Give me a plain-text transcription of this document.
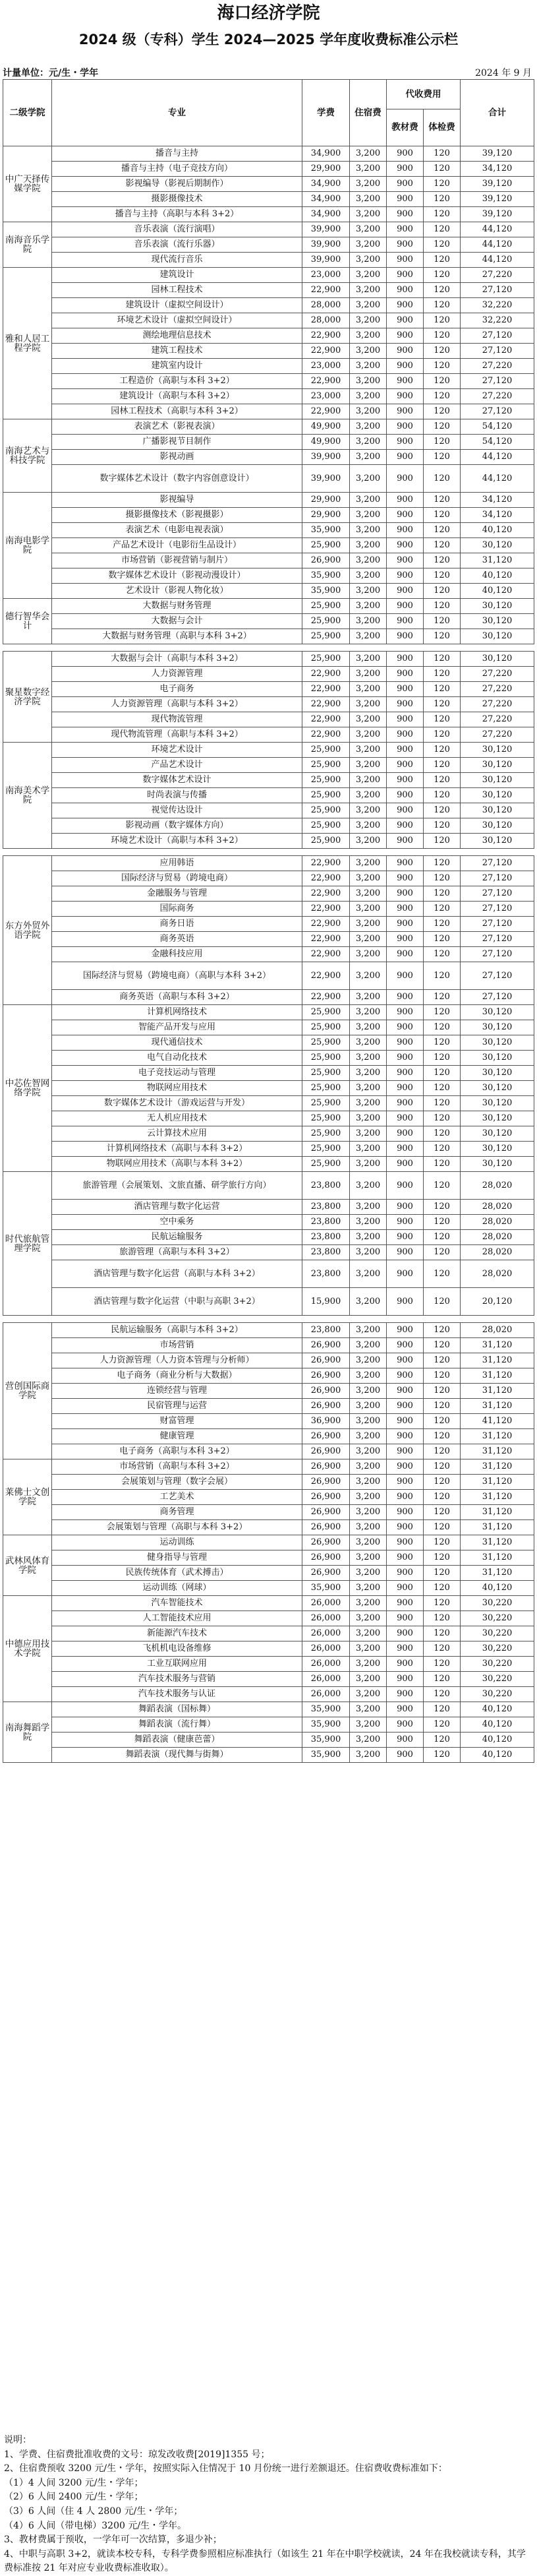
海口经济学院
2024 级（专科）学生 2024—2025 学年度收费标准公示栏
计量单位：元/生・学年	2024 年 9 月
二级学院	专业	学费	住宿费	代收费用		合计
				教材费	体检费	
中广天择传媒学院	播音与主持	34,900	3,200	900	120	39,120
	播音与主持（电子竞技方向）	29,900	3,200	900	120	34,120
	影视编导（影视后期制作）	34,900	3,200	900	120	39,120
	摄影摄像技术	34,900	3,200	900	120	39,120
	播音与主持（高职与本科 3+2）	34,900	3,200	900	120	39,120
南海音乐学院	音乐表演（流行演唱）	39,900	3,200	900	120	44,120
	音乐表演（流行乐器）	39,900	3,200	900	120	44,120
	现代流行音乐	39,900	3,200	900	120	44,120
雅和人居工程学院	建筑设计	23,000	3,200	900	120	27,220
	园林工程技术	22,900	3,200	900	120	27,120
	建筑设计（虚拟空间设计）	28,000	3,200	900	120	32,220
	环境艺术设计（虚拟空间设计）	28,000	3,200	900	120	32,220
	测绘地理信息技术	22,900	3,200	900	120	27,120
	建筑工程技术	22,900	3,200	900	120	27,120
	建筑室内设计	23,000	3,200	900	120	27,220
	工程造价（高职与本科 3+2）	22,900	3,200	900	120	27,120
	建筑设计（高职与本科 3+2）	23,000	3,200	900	120	27,220
	园林工程技术（高职与本科 3+2）	22,900	3,200	900	120	27,120
南海艺术与科技学院	表演艺术（影视表演）	49,900	3,200	900	120	54,120
	广播影视节目制作	49,900	3,200	900	120	54,120
	影视动画	39,900	3,200	900	120	44,120
	数字媒体艺术设计（数字内容创意设计）	39,900	3,200	900	120	44,120
南海电影学院	影视编导	29,900	3,200	900	120	34,120
	摄影摄像技术（影视摄影）	29,900	3,200	900	120	34,120
	表演艺术（电影电视表演）	35,900	3,200	900	120	40,120
	产品艺术设计（电影衍生品设计）	25,900	3,200	900	120	30,120
	市场营销（影视营销与制片）	26,900	3,200	900	120	31,120
	数字媒体艺术设计（影视动漫设计）	35,900	3,200	900	120	40,120
	艺术设计（影视人物化妆）	35,900	3,200	900	120	40,120
德行智华会计	大数据与财务管理	25,900	3,200	900	120	30,120
	大数据与会计	25,900	3,200	900	120	30,120
	大数据与财务管理（高职与本科 3+2）	25,900	3,200	900	120	30,120

聚星数字经济学院	大数据与会计（高职与本科 3+2）	25,900	3,200	900	120	30,120
	人力资源管理	22,900	3,200	900	120	27,220
	电子商务	22,900	3,200	900	120	27,220
	人力资源管理（高职与本科 3+2）	22,900	3,200	900	120	27,220
	现代物流管理	22,900	3,200	900	120	27,220
	现代物流管理（高职与本科 3+2）	22,900	3,200	900	120	27,220
南海美术学院	环境艺术设计	25,900	3,200	900	120	30,120
	产品艺术设计	25,900	3,200	900	120	30,120
	数字媒体艺术设计	25,900	3,200	900	120	30,120
	时尚表演与传播	25,900	3,200	900	120	30,120
	视觉传达设计	25,900	3,200	900	120	30,120
	影视动画（数字媒体方向）	25,900	3,200	900	120	30,120
	环境艺术设计（高职与本科 3+2）	25,900	3,200	900	120	30,120

东方外贸外语学院	应用韩语	22,900	3,200	900	120	27,120
	国际经济与贸易（跨境电商）	22,900	3,200	900	120	27,120
	金融服务与管理	22,900	3,200	900	120	27,120
	国际商务	22,900	3,200	900	120	27,120
	商务日语	22,900	3,200	900	120	27,120
	商务英语	22,900	3,200	900	120	27,120
	金融科技应用	22,900	3,200	900	120	27,120
	国际经济与贸易（跨境电商）（高职与本科 3+2）	22,900	3,200	900	120	27,120
	商务英语（高职与本科 3+2）	22,900	3,200	900	120	27,120
中芯佐智网络学院	计算机网络技术	25,900	3,200	900	120	30,120
	智能产品开发与应用	25,900	3,200	900	120	30,120
	现代通信技术	25,900	3,200	900	120	30,120
	电气自动化技术	25,900	3,200	900	120	30,120
	电子竞技运动与管理	25,900	3,200	900	120	30,120
	物联网应用技术	25,900	3,200	900	120	30,120
	数字媒体艺术设计（游戏运营与开发）	25,900	3,200	900	120	30,120
	无人机应用技术	25,900	3,200	900	120	30,120
	云计算技术应用	25,900	3,200	900	120	30,120
	计算机网络技术（高职与本科 3+2）	25,900	3,200	900	120	30,120
	物联网应用技术（高职与本科 3+2）	25,900	3,200	900	120	30,120
时代旅航管理学院	旅游管理（会展策划、文旅直播、研学旅行方向）	23,800	3,200	900	120	28,020
	酒店管理与数字化运营	23,800	3,200	900	120	28,020
	空中乘务	23,800	3,200	900	120	28,020
	民航运输服务	23,800	3,200	900	120	28,020
	旅游管理（高职与本科 3+2）	23,800	3,200	900	120	28,020
	酒店管理与数字化运营（高职与本科 3+2）	23,800	3,200	900	120	28,020
	酒店管理与数字化运营（中职与高职 3+2）	15,900	3,200	900	120	20,120

营创国际商学院	民航运输服务（高职与本科 3+2）	23,800	3,200	900	120	28,020
	市场营销	26,900	3,200	900	120	31,120
	人力资源管理（人力资本管理与分析师）	26,900	3,200	900	120	31,120
	电子商务（商业分析与大数据）	26,900	3,200	900	120	31,120
	连锁经营与管理	26,900	3,200	900	120	31,120
	民宿管理与运营	26,900	3,200	900	120	31,120
	财富管理	36,900	3,200	900	120	41,120
	健康管理	26,900	3,200	900	120	31,120
	电子商务（高职与本科 3+2）	26,900	3,200	900	120	31,120
莱佛士文创学院	市场营销（高职与本科 3+2）	26,900	3,200	900	120	31,120
	会展策划与管理（数字会展）	26,900	3,200	900	120	31,120
	工艺美术	26,900	3,200	900	120	31,120
	商务管理	26,900	3,200	900	120	31,120
	会展策划与管理（高职与本科 3+2）	26,900	3,200	900	120	31,120
武林风体育学院	运动训练	26,900	3,200	900	120	31,120
	健身指导与管理	26,900	3,200	900	120	31,120
	民族传统体育（武术搏击）	26,900	3,200	900	120	31,120
	运动训练（网球）	35,900	3,200	900	120	40,120
中德应用技术学院	汽车智能技术	26,000	3,200	900	120	30,220
	人工智能技术应用	26,000	3,200	900	120	30,220
	新能源汽车技术	26,000	3,200	900	120	30,220
	飞机机电设备维修	26,000	3,200	900	120	30,220
	工业互联网应用	26,000	3,200	900	120	30,220
	汽车技术服务与营销	26,000	3,200	900	120	30,220
	汽车技术服务与认证	26,000	3,200	900	120	30,220
南海舞蹈学院	舞蹈表演（国标舞）	35,900	3,200	900	120	40,120
	舞蹈表演（流行舞）	35,900	3,200	900	120	40,120
	舞蹈表演（健康芭蕾）	35,900	3,200	900	120	40,120
	舞蹈表演（现代舞与街舞）	35,900	3,200	900	120	40,120
说明：
1、学费、住宿费批准收费的文号：琼发改收费[2019]1355 号；
2、住宿费预收 3200 元/生・学年，按照实际入住情况于 10 月份统一进行差额退还。住宿费收费标准如下：
（1）4 人间 3200 元/生・学年；
（2）6 人间 2400 元/生・学年；
（3）6 人间（住 4 人 2800 元/生・学年；
（4）6 人间（带电梯）3200 元/生・学年。
3、教材费属于预收，一学年可一次结算，多退少补；
4、中职与高职 3+2，就读本校专科，专科学费参照相应标准执行（如该生 21 年在中职学校就读，24 年在我校就读专科，其学费标准按 21 年对应专业收费标准收取）。
